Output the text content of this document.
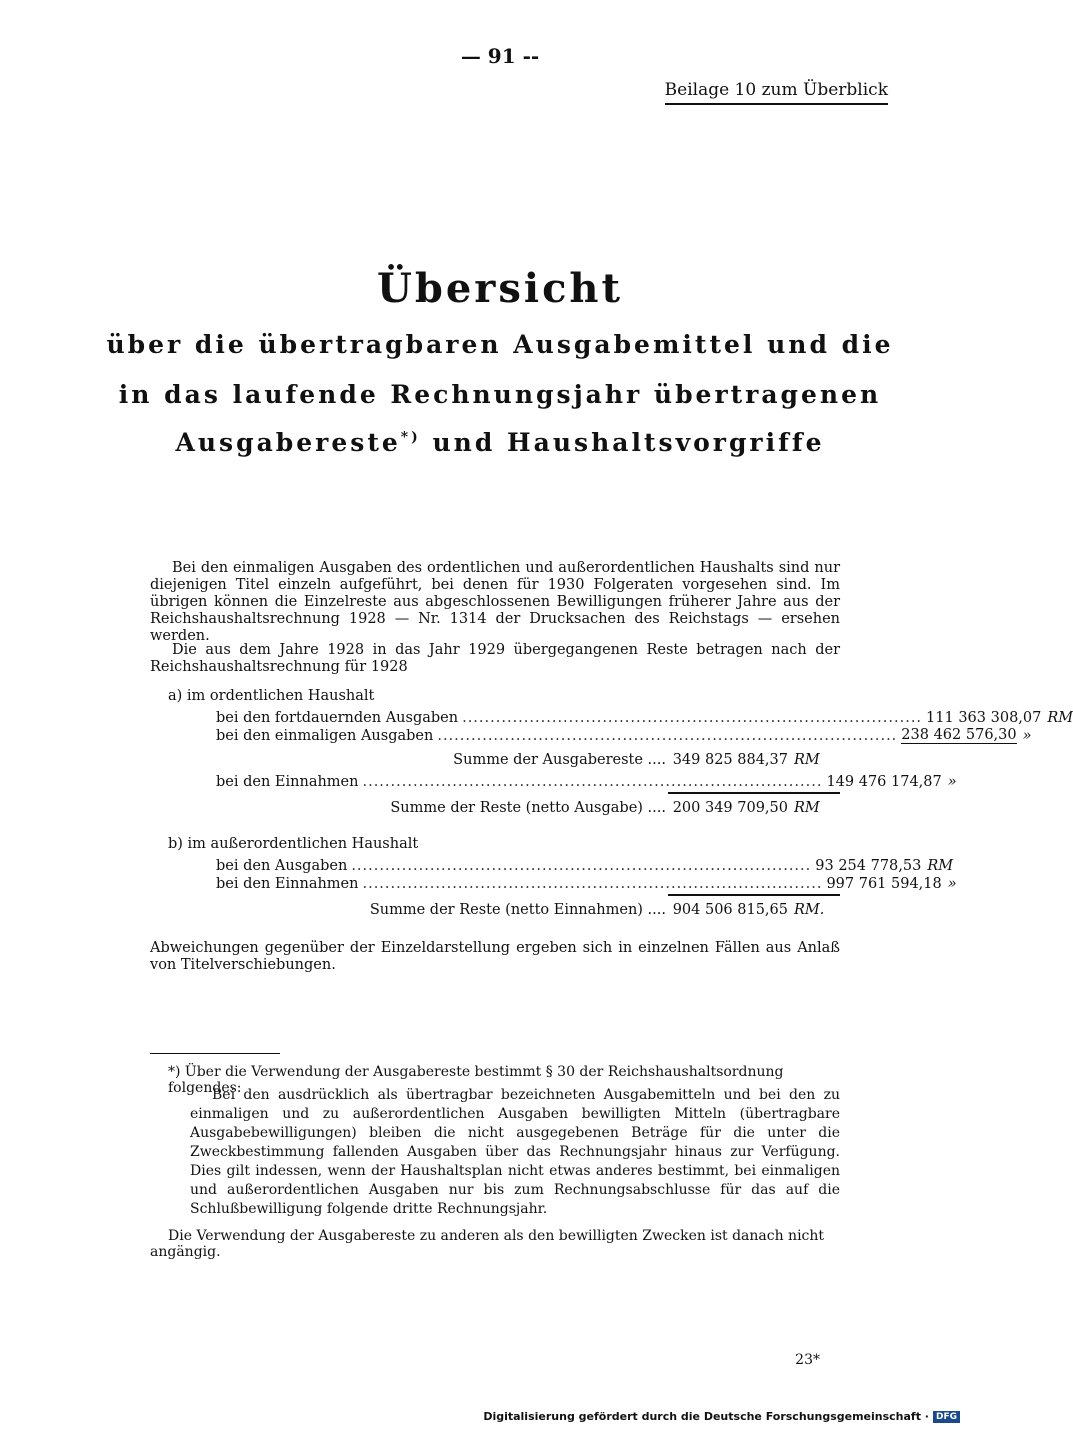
— 91 --
Beilage 10 zum Überblick
Übersicht
über die übertragbaren Ausgabemittel und die
in das laufende Rechnungsjahr übertragenen
Ausgabereste*) und Haushaltsvorgriffe
Bei den einmaligen Ausgaben des ordentlichen und außerordentlichen Haushalts sind nur diejenigen Titel einzeln aufgeführt, bei denen für 1930 Folgeraten vorgesehen sind. Im übrigen können die Einzelreste aus abgeschlossenen Bewilligungen früherer Jahre aus der Reichshaushaltsrechnung 1928 — Nr. 1314 der Drucksachen des Reichstags — ersehen werden.
Die aus dem Jahre 1928 in das Jahr 1929 übergegangenen Reste betragen nach der Reichshaushaltsrechnung für 1928
a) im ordentlichen Haushalt
bei den fortdauernden Ausgaben .................................................................................. 111 363 308,07 RM
bei den einmaligen Ausgaben .................................................................................. 238 462 576,30 »
Summe der Ausgabereste .... 349 825 884,37 RM
bei den Einnahmen .................................................................................. 149 476 174,87 »
Summe der Reste (netto Ausgabe) .... 200 349 709,50 RM
b) im außerordentlichen Haushalt
bei den Ausgaben .................................................................................. 93 254 778,53 RM
bei den Einnahmen .................................................................................. 997 761 594,18 »
Summe der Reste (netto Einnahmen) .... 904 506 815,65 RM.
Abweichungen gegenüber der Einzeldarstellung ergeben sich in einzelnen Fällen aus Anlaß von Titelverschiebungen.
*) Über die Verwendung der Ausgabereste bestimmt § 30 der Reichshaushaltsordnung folgendes:
Bei den ausdrücklich als übertragbar bezeichneten Ausgabemitteln und bei den zu einmaligen und zu außerordentlichen Ausgaben bewilligten Mitteln (übertragbare Ausgabebewilligungen) bleiben die nicht ausgegebenen Beträge für die unter die Zweckbestimmung fallenden Ausgaben über das Rechnungsjahr hinaus zur Verfügung. Dies gilt indessen, wenn der Haushaltsplan nicht etwas anderes bestimmt, bei einmaligen und außerordentlichen Ausgaben nur bis zum Rechnungsabschlusse für das auf die Schlußbewilligung folgende dritte Rechnungsjahr.
Die Verwendung der Ausgabereste zu anderen als den bewilligten Zwecken ist danach nicht angängig.
23*
Digitalisierung gefördert durch die Deutsche Forschungsgemeinschaft · DFG
